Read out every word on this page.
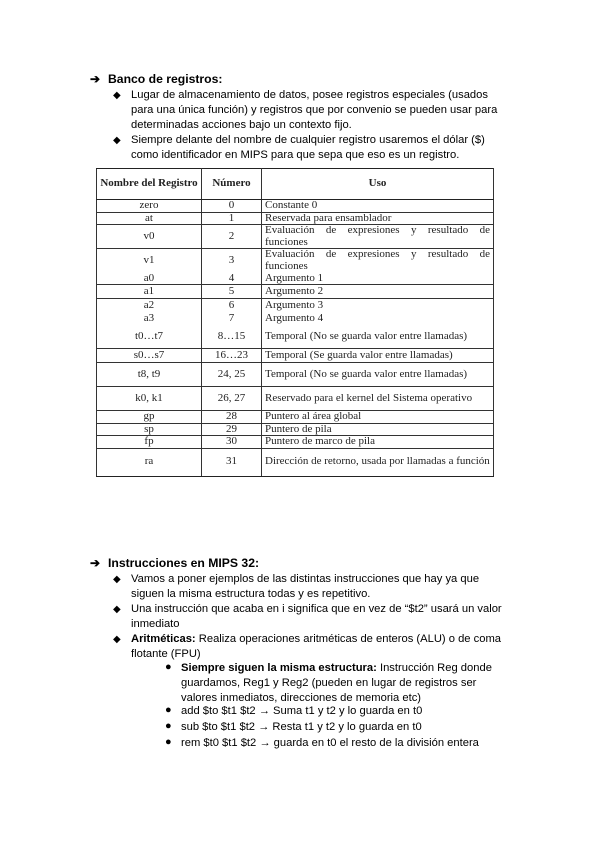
➔ Banco de registros:
◆ Lugar de almacenamiento de datos, posee registros especiales (usados para una única función) y registros que por convenio se pueden usar para determinadas acciones bajo un contexto fijo.
◆ Siempre delante del nombre de cualquier registro usaremos el dólar ($) como identificador en MIPS para que sepa que eso es un registro.
Nombre del Registro	Número	Uso
zero	0	Constante 0
at	1	Reservada para ensamblador
v0	2	Evaluación de expresiones y resultado de funciones
v1	3	Evaluación de expresiones y resultado de funciones
a0	4	Argumento 1
a1	5	Argumento 2
a2	6	Argumento 3
a3	7	Argumento 4
t0…t7	8…15	Temporal (No se guarda valor entre llamadas)
s0…s7	16…23	Temporal (Se guarda valor entre llamadas)
t8, t9	24, 25	Temporal (No se guarda valor entre llamadas)
k0, k1	26, 27	Reservado para el kernel del Sistema operativo
gp	28	Puntero al área global
sp	29	Puntero de pila
fp	30	Puntero de marco de pila
ra	31	Dirección de retorno, usada por llamadas a función
➔ Instrucciones en MIPS 32:
◆ Vamos a poner ejemplos de las distintas instrucciones que hay ya que siguen la misma estructura todas y es repetitivo.
◆ Una instrucción que acaba en i significa que en vez de “$t2” usará un valor inmediato
◆ Aritméticas: Realiza operaciones aritméticas de enteros (ALU) o de coma flotante (FPU)
● Siempre siguen la misma estructura: Instrucción Reg donde guardamos, Reg1 y Reg2 (pueden en lugar de registros ser valores inmediatos, direcciones de memoria etc)
● add $to $t1 $t2 → Suma t1 y t2 y lo guarda en t0
● sub $to $t1 $t2 → Resta t1 y t2 y lo guarda en t0
● rem $t0 $t1 $t2 → guarda en t0 el resto de la división entera
